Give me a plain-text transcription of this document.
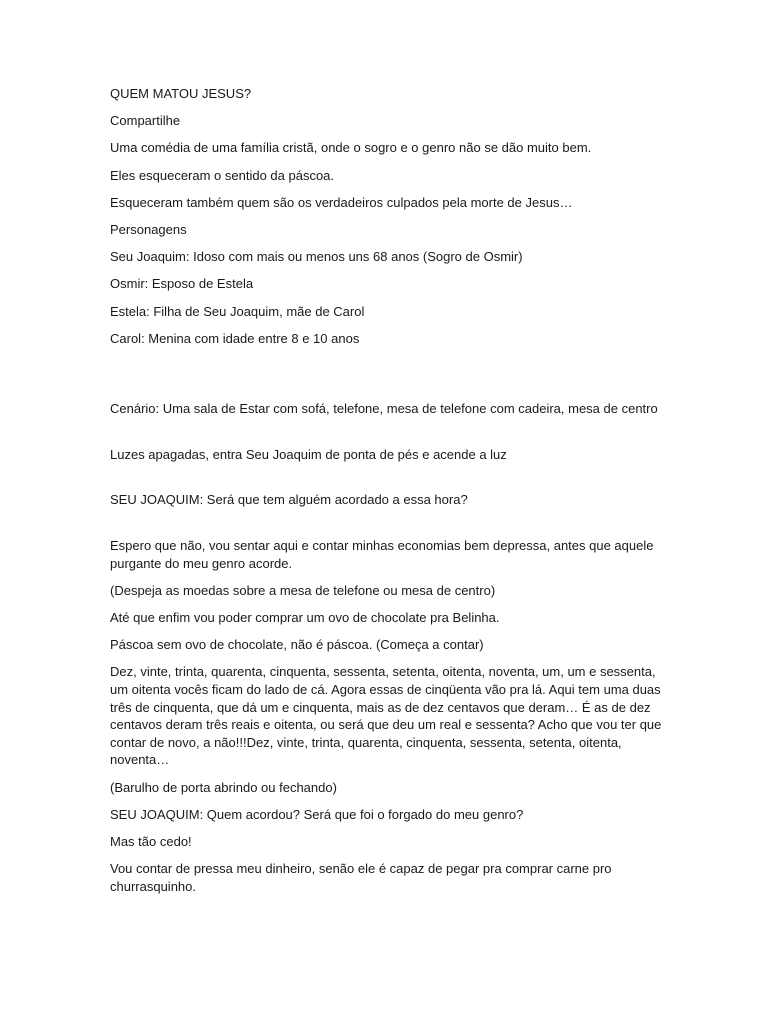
QUEM MATOU JESUS?

Compartilhe

Uma comédia de uma família cristã, onde o sogro e o genro não se dão muito bem.

Eles esqueceram o sentido da páscoa.

Esqueceram também quem são os verdadeiros culpados pela morte de Jesus…

Personagens

Seu Joaquim: Idoso com mais ou menos uns 68 anos (Sogro de Osmir)

Osmir: Esposo de Estela

Estela: Filha de Seu Joaquim, mãe de Carol

Carol: Menina com idade entre 8 e 10 anos

Cenário: Uma sala de Estar com sofá, telefone, mesa de telefone com cadeira, mesa de centro

Luzes apagadas, entra Seu Joaquim de ponta de pés e acende a luz

SEU JOAQUIM: Será que tem alguém acordado a essa hora?

Espero que não, vou sentar aqui e contar minhas economias bem depressa, antes que aquele purgante do meu genro acorde.

(Despeja as moedas sobre a mesa de telefone ou mesa de centro)

Até que enfim vou poder comprar um ovo de chocolate pra Belinha.

Páscoa sem ovo de chocolate, não é páscoa. (Começa a contar)

Dez, vinte, trinta, quarenta, cinquenta, sessenta, setenta, oitenta, noventa, um, um e sessenta, um oitenta vocês ficam do lado de cá. Agora essas de cinqüenta vão pra lá. Aqui tem uma duas três de cinquenta, que dá um e cinquenta, mais as de dez centavos que deram… É as de dez centavos deram três reais e oitenta, ou será que deu um real e sessenta? Acho que vou ter que contar de novo, a não!!!Dez, vinte, trinta, quarenta, cinquenta, sessenta, setenta, oitenta, noventa…

(Barulho de porta abrindo ou fechando)

SEU JOAQUIM: Quem acordou? Será que foi o forgado do meu genro?

Mas tão cedo!

Vou contar de pressa meu dinheiro, senão ele é capaz de pegar pra comprar carne pro churrasquinho.
